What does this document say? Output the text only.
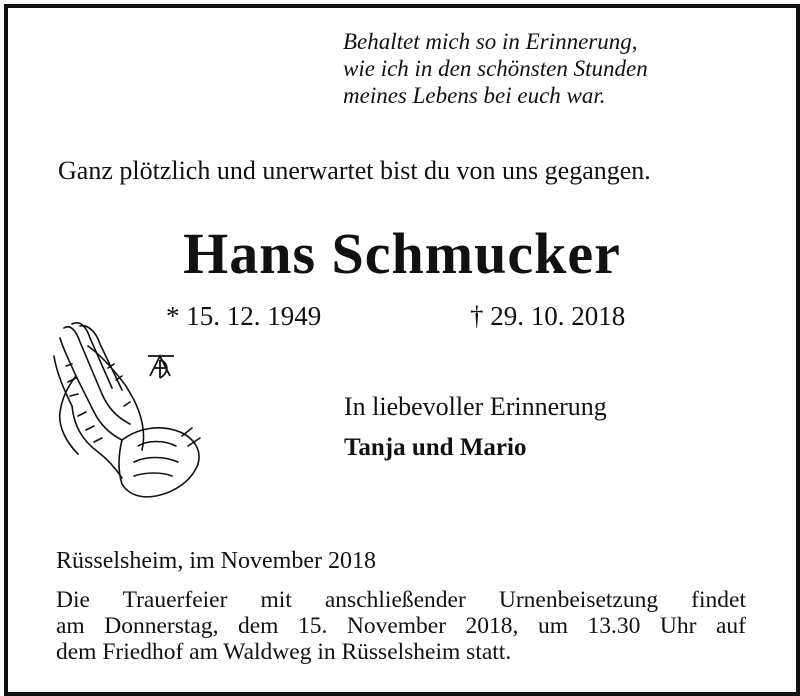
Behaltet mich so in Erinnerung,
wie ich in den schönsten Stunden
meines Lebens bei euch war.
Ganz plötzlich und unerwartet bist du von uns gegangen.
Hans Schmucker
* 15. 12. 1949	† 29. 10. 2018
In liebevoller Erinnerung
Tanja und Mario
Rüsselsheim, im November 2018
Die Trauerfeier mit anschließender Urnenbeisetzung findet
am Donnerstag, dem 15. November 2018, um 13.30 Uhr auf
dem Friedhof am Waldweg in Rüsselsheim statt.
